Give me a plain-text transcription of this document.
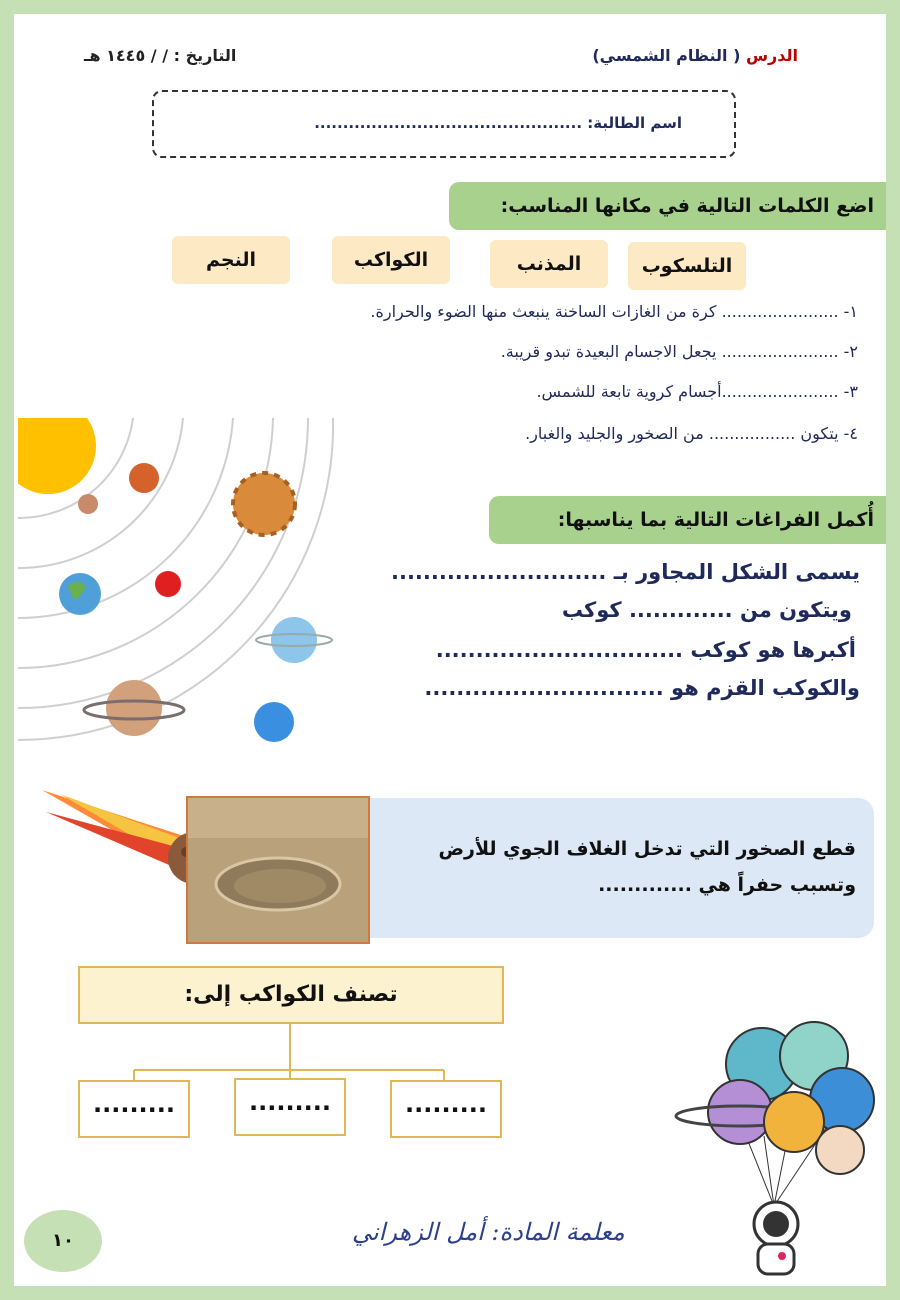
الدرس ( النظام الشمسي)
التاريخ : / / ١٤٤٥ هـ
اسم الطالبة: ...............................................
اضع الكلمات التالية في مكانها المناسب:
التلسكوب
المذنب
الكواكب
النجم
١- ....................... كرة من الغازات الساخنة ينبعث منها الضوء والحرارة.
٢- ....................... يجعل الاجسام البعيدة تبدو قريبة.
٣- .......................أجسام كروية تابعة للشمس.
٤- يتكون ................. من الصخور والجليد والغبار.
أُكمل الفراغات التالية بما يناسبها:
يسمى الشكل المجاور بـ ...........................
ويتكون من ............. كوكب
أكبرها هو كوكب ...............................
والكوكب القزم هو ..............................
قطع الصخور التي تدخل الغلاف الجوي للأرض
وتسبب حفراً هي .............
تصنف الكواكب إلى:
.........	.........	.........
١٠	معلمة المادة: أمل الزهراني
